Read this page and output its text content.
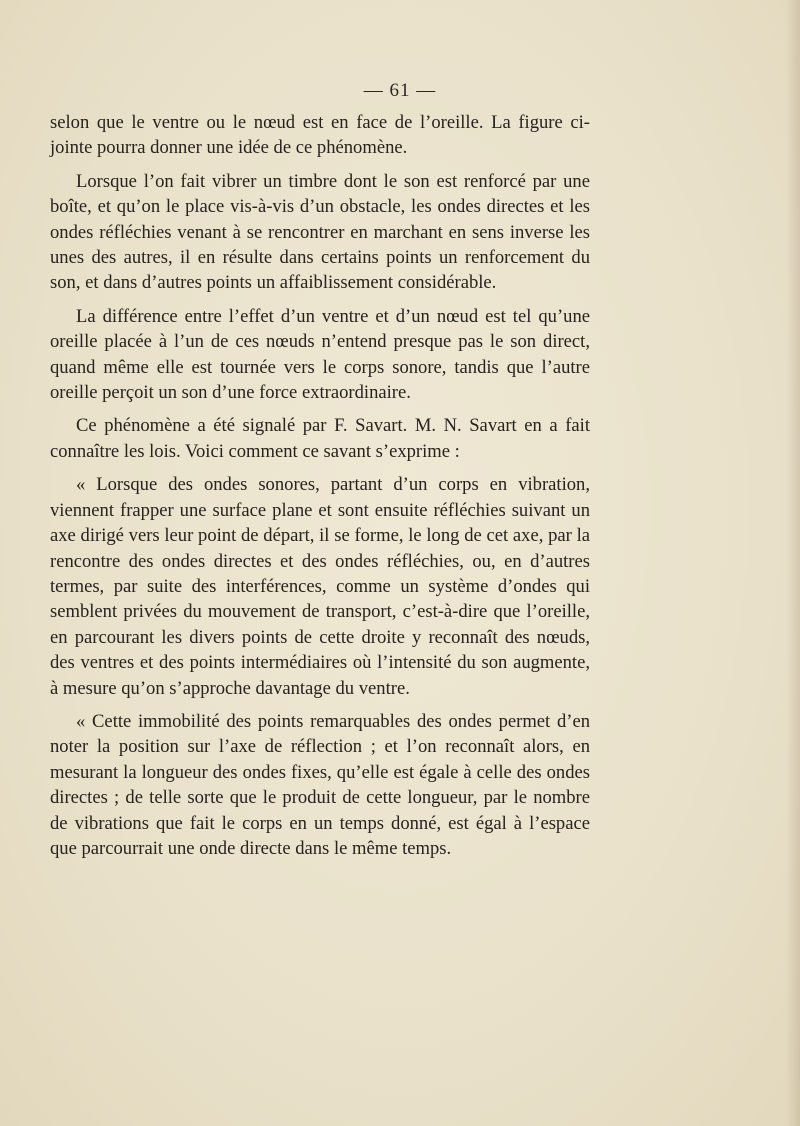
— 61 —

selon que le ventre ou le nœud est en face de l’oreille. La figure ci-jointe pourra donner une idée de ce phénomène.

Lorsque l’on fait vibrer un timbre dont le son est renforcé par une boîte, et qu’on le place vis-à-vis d’un obstacle, les ondes directes et les ondes réfléchies venant à se rencontrer en marchant en sens inverse les unes des autres, il en résulte dans certains points un renforcement du son, et dans d’autres points un affaiblissement considérable.

La différence entre l’effet d’un ventre et d’un nœud est tel qu’une oreille placée à l’un de ces nœuds n’entend presque pas le son direct, quand même elle est tournée vers le corps sonore, tandis que l’autre oreille perçoit un son d’une force extraordinaire.

Ce phénomène a été signalé par F. Savart. M. N. Savart en a fait connaître les lois. Voici comment ce savant s’exprime :

« Lorsque des ondes sonores, partant d’un corps en vibration, viennent frapper une surface plane et sont ensuite réfléchies suivant un axe dirigé vers leur point de départ, il se forme, le long de cet axe, par la rencontre des ondes directes et des ondes réfléchies, ou, en d’autres termes, par suite des interférences, comme un système d’ondes qui semblent privées du mouvement de transport, c’est-à-dire que l’oreille, en parcourant les divers points de cette droite y reconnaît des nœuds, des ventres et des points intermédiaires où l’intensité du son augmente, à mesure qu’on s’approche davantage du ventre.

« Cette immobilité des points remarquables des ondes permet d’en noter la position sur l’axe de réflection ; et l’on reconnaît alors, en mesurant la longueur des ondes fixes, qu’elle est égale à celle des ondes directes ; de telle sorte que le produit de cette longueur, par le nombre de vibrations que fait le corps en un temps donné, est égal à l’espace que parcourrait une onde directe dans le même temps.
